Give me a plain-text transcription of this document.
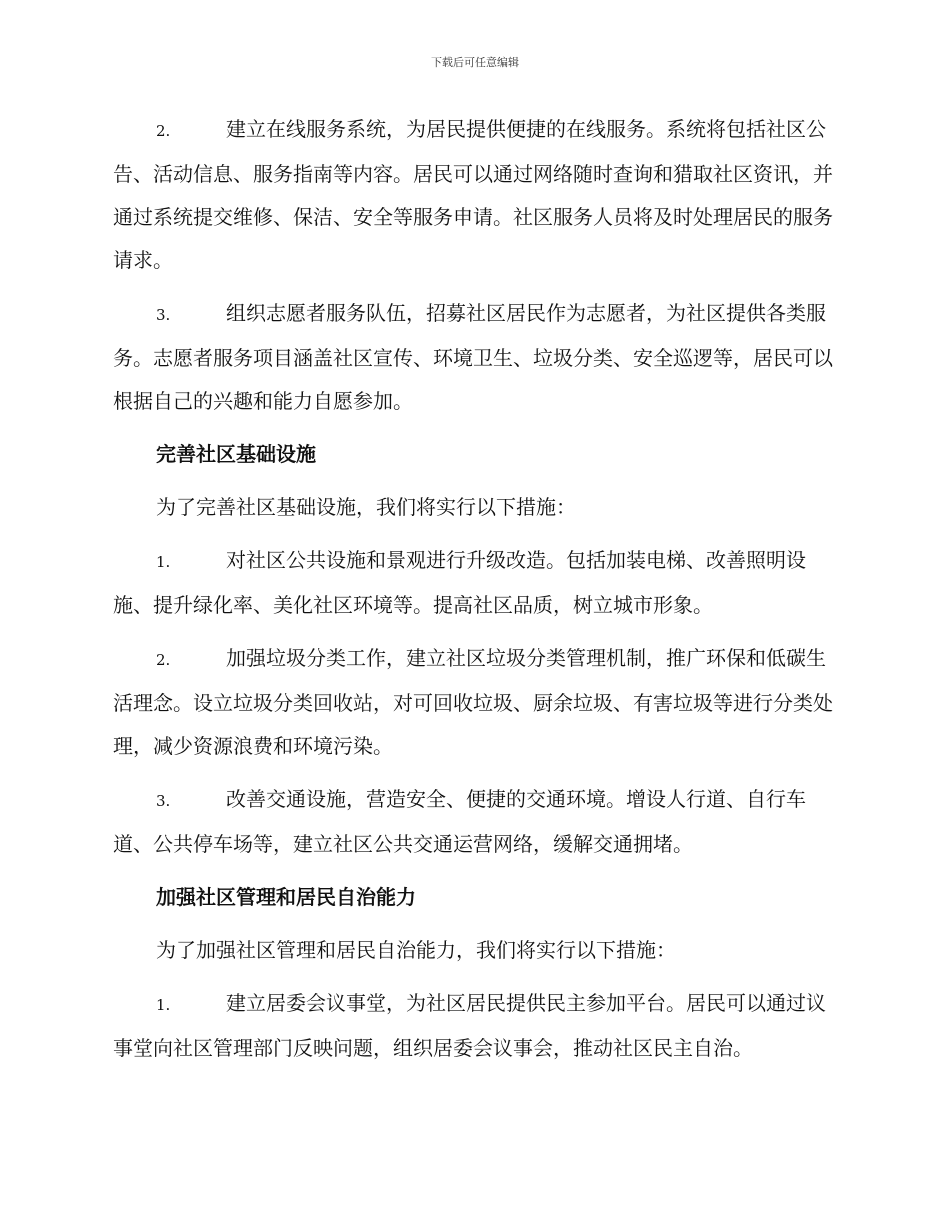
下载后可任意编辑

2.	建立在线服务系统，为居民提供便捷的在线服务。系统将包括社区公告、活动信息、服务指南等内容。居民可以通过网络随时查询和猎取社区资讯，并通过系统提交维修、保洁、安全等服务申请。社区服务人员将及时处理居民的服务请求。

3.	组织志愿者服务队伍，招募社区居民作为志愿者，为社区提供各类服务。志愿者服务项目涵盖社区宣传、环境卫生、垃圾分类、安全巡逻等，居民可以根据自己的兴趣和能力自愿参加。

完善社区基础设施

为了完善社区基础设施，我们将实行以下措施：

1.	对社区公共设施和景观进行升级改造。包括加装电梯、改善照明设施、提升绿化率、美化社区环境等。提高社区品质，树立城市形象。

2.	加强垃圾分类工作，建立社区垃圾分类管理机制，推广环保和低碳生活理念。设立垃圾分类回收站，对可回收垃圾、厨余垃圾、有害垃圾等进行分类处理，减少资源浪费和环境污染。

3.	改善交通设施，营造安全、便捷的交通环境。增设人行道、自行车道、公共停车场等，建立社区公共交通运营网络，缓解交通拥堵。

加强社区管理和居民自治能力

为了加强社区管理和居民自治能力，我们将实行以下措施：

1.	建立居委会议事堂，为社区居民提供民主参加平台。居民可以通过议事堂向社区管理部门反映问题，组织居委会议事会，推动社区民主自治。
